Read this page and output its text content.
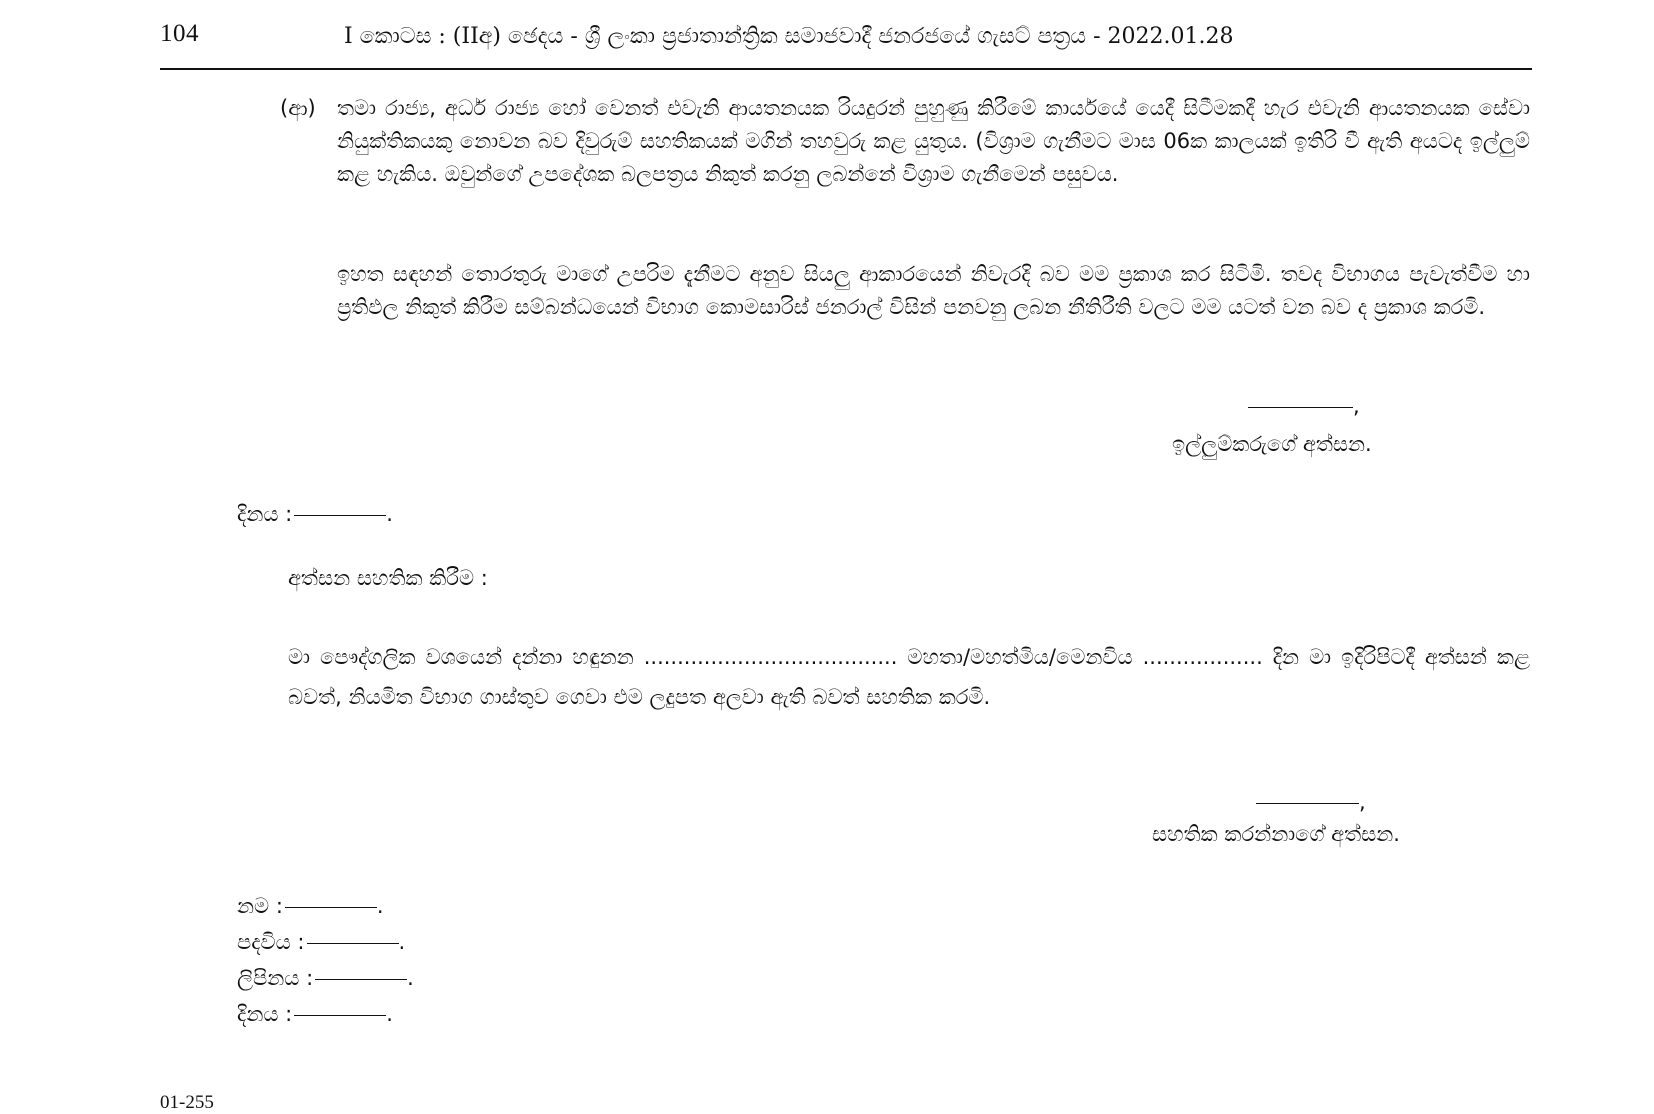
104	I කොටස : (IIඅ) ඡෙදය - ශ්‍රී ලංකා ප්‍රජාතාන්ත්‍රික සමාජවාදී ජනරජයේ ගැසට් පත්‍රය - 2022.01.28
(ආ) තමා රාජ්‍ය, අර්ධ රාජ්‍ය හෝ වෙනත් එවැනි ආයතනයක රියදුරන් පුහුණු කිරීමේ කාර්යයේ යෙදී සිටීමකදී හැර එවැනි ආයතනයක සේවා නියුක්තිකයකු නොවන බව දිවුරුම් සහතිකයක් මගින් තහවුරු කළ යුතුය. (විශ්‍රාම ගැනීමට මාස 06ක කාලයක් ඉතිරි වී ඇති අයටද ඉල්ලුම් කළ හැකිය. ඔවුන්ගේ උපදේශක බලපත්‍රය නිකුත් කරනු ලබන්නේ විශ්‍රාම ගැනීමෙන් පසුවය.
ඉහත සඳහන් තොරතුරු මාගේ උපරිම දැනීමට අනුව සියලු ආකාරයෙන් නිවැරදි බව මම ප්‍රකාශ කර සිටිමි. තවද විභාගය පැවැත්වීම හා ප්‍රතිඵල නිකුත් කිරීම සම්බන්ධයෙන් විභාග කොමසාරිස් ජනරාල් විසින් පනවනු ලබන නීතිරීති වලට මම යටත් වන බව ද ප්‍රකාශ කරමි.
,
ඉල්ලුම්කරුගේ අත්සන.
දිනය :	.
අත්සන සහතික කිරීම :
මා පෞද්ගලික වශයෙන් දන්නා හඳුනන ...................................... මහතා/මහත්මිය/මෙනවිය .................. දින මා ඉදිරිපිටදී අත්සන් කළ බවත්, නියමිත විභාග ගාස්තුව ගෙවා එම ලදුපත අලවා ඇති බවත් සහතික කරමි.
,
සහතික කරන්නාගේ අත්සන.
නම :	.
පදවිය :	.
ලිපිනය :	.
දිනය :	.
01-255
